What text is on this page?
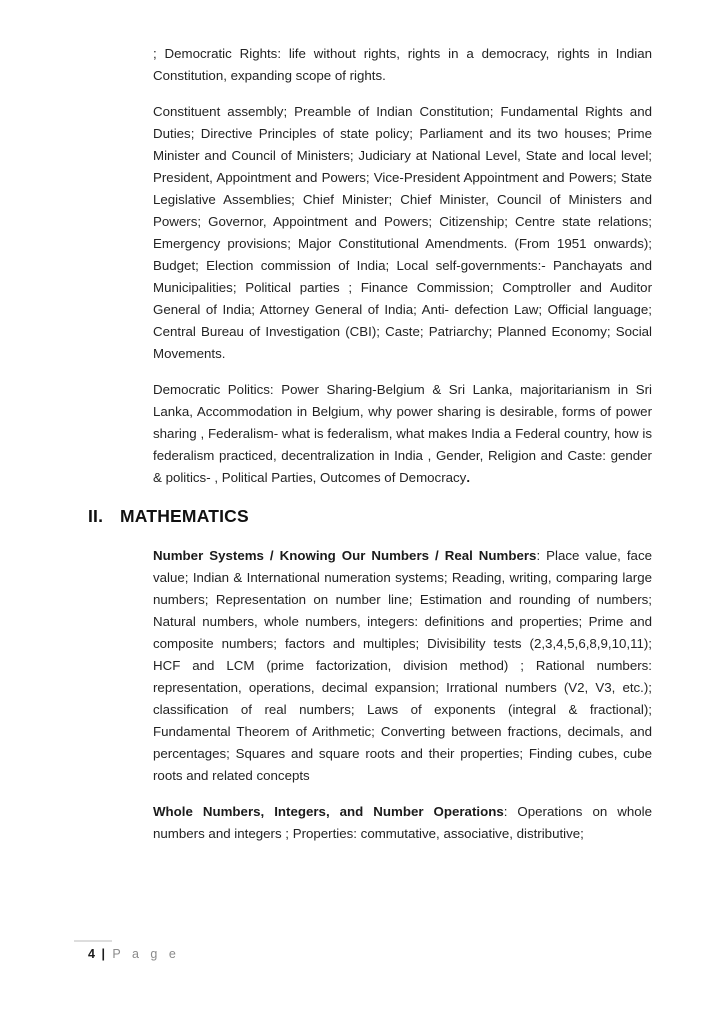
; Democratic Rights: life without rights, rights in a democracy, rights in Indian Constitution, expanding scope of rights.

Constituent assembly; Preamble of Indian Constitution; Fundamental Rights and Duties; Directive Principles of state policy; Parliament and its two houses; Prime Minister and Council of Ministers; Judiciary at National Level, State and local level; President, Appointment and Powers; Vice-President Appointment and Powers; State Legislative Assemblies; Chief Minister; Chief Minister, Council of Ministers and Powers; Governor, Appointment and Powers; Citizenship; Centre state relations; Emergency provisions; Major Constitutional Amendments. (From 1951 onwards); Budget; Election commission of India; Local self-governments:- Panchayats and Municipalities; Political parties ; Finance Commission; Comptroller and Auditor General of India; Attorney General of India; Anti- defection Law; Official language; Central Bureau of Investigation (CBI); Caste; Patriarchy; Planned Economy; Social Movements.

Democratic Politics: Power Sharing-Belgium & Sri Lanka, majoritarianism in Sri Lanka, Accommodation in Belgium, why power sharing is desirable, forms of power sharing , Federalism- what is federalism, what makes India a Federal country, how is federalism practiced, decentralization in India , Gender, Religion and Caste: gender & politics- , Political Parties, Outcomes of Democracy.

II. MATHEMATICS

Number Systems / Knowing Our Numbers / Real Numbers: Place value, face value; Indian & International numeration systems; Reading, writing, comparing large numbers; Representation on number line; Estimation and rounding of numbers; Natural numbers, whole numbers, integers: definitions and properties; Prime and composite numbers; factors and multiples; Divisibility tests (2,3,4,5,6,8,9,10,11); HCF and LCM (prime factorization, division method) ; Rational numbers: representation, operations, decimal expansion; Irrational numbers (V2, V3, etc.); classification of real numbers; Laws of exponents (integral & fractional); Fundamental Theorem of Arithmetic; Converting between fractions, decimals, and percentages; Squares and square roots and their properties; Finding cubes, cube roots and related concepts

Whole Numbers, Integers, and Number Operations: Operations on whole numbers and integers ; Properties: commutative, associative, distributive;

4 | P a g e
